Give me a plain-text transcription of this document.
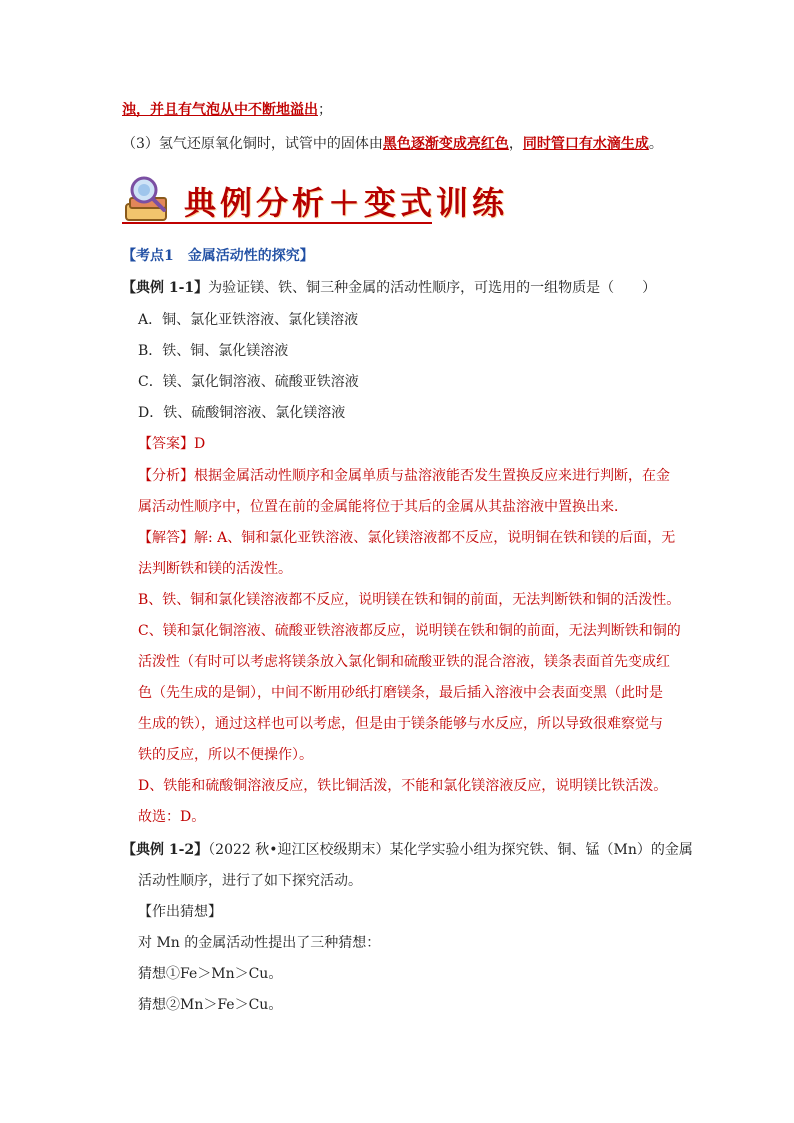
浊，并且有气泡从中不断地溢出；
（3）氢气还原氧化铜时，试管中的固体由黑色逐渐变成亮红色，同时管口有水滴生成。
典例分析＋变式训练
【考点1　金属活动性的探究】
【典例 1-1】为验证镁、铁、铜三种金属的活动性顺序，可选用的一组物质是（　　）
A．铜、氯化亚铁溶液、氯化镁溶液
B．铁、铜、氯化镁溶液
C．镁、氯化铜溶液、硫酸亚铁溶液
D．铁、硫酸铜溶液、氯化镁溶液
【答案】D
【分析】根据金属活动性顺序和金属单质与盐溶液能否发生置换反应来进行判断，在金
属活动性顺序中，位置在前的金属能将位于其后的金属从其盐溶液中置换出来．
【解答】解: A、铜和氯化亚铁溶液、氯化镁溶液都不反应，说明铜在铁和镁的后面，无
法判断铁和镁的活泼性。
B、铁、铜和氯化镁溶液都不反应，说明镁在铁和铜的前面，无法判断铁和铜的活泼性。
C、镁和氯化铜溶液、硫酸亚铁溶液都反应，说明镁在铁和铜的前面，无法判断铁和铜的
活泼性（有时可以考虑将镁条放入氯化铜和硫酸亚铁的混合溶液，镁条表面首先变成红
色（先生成的是铜），中间不断用砂纸打磨镁条，最后插入溶液中会表面变黑（此时是
生成的铁），通过这样也可以考虑，但是由于镁条能够与水反应，所以导致很难察觉与
铁的反应，所以不便操作）。
D、铁能和硫酸铜溶液反应，铁比铜活泼，不能和氯化镁溶液反应，说明镁比铁活泼。
故选：D。
【典例 1-2】（2022 秋•迎江区校级期末）某化学实验小组为探究铁、铜、锰（Mn）的金属
活动性顺序，进行了如下探究活动。
【作出猜想】
对 Mn 的金属活动性提出了三种猜想：
猜想①Fe＞Mn＞Cu。
猜想②Mn＞Fe＞Cu。
